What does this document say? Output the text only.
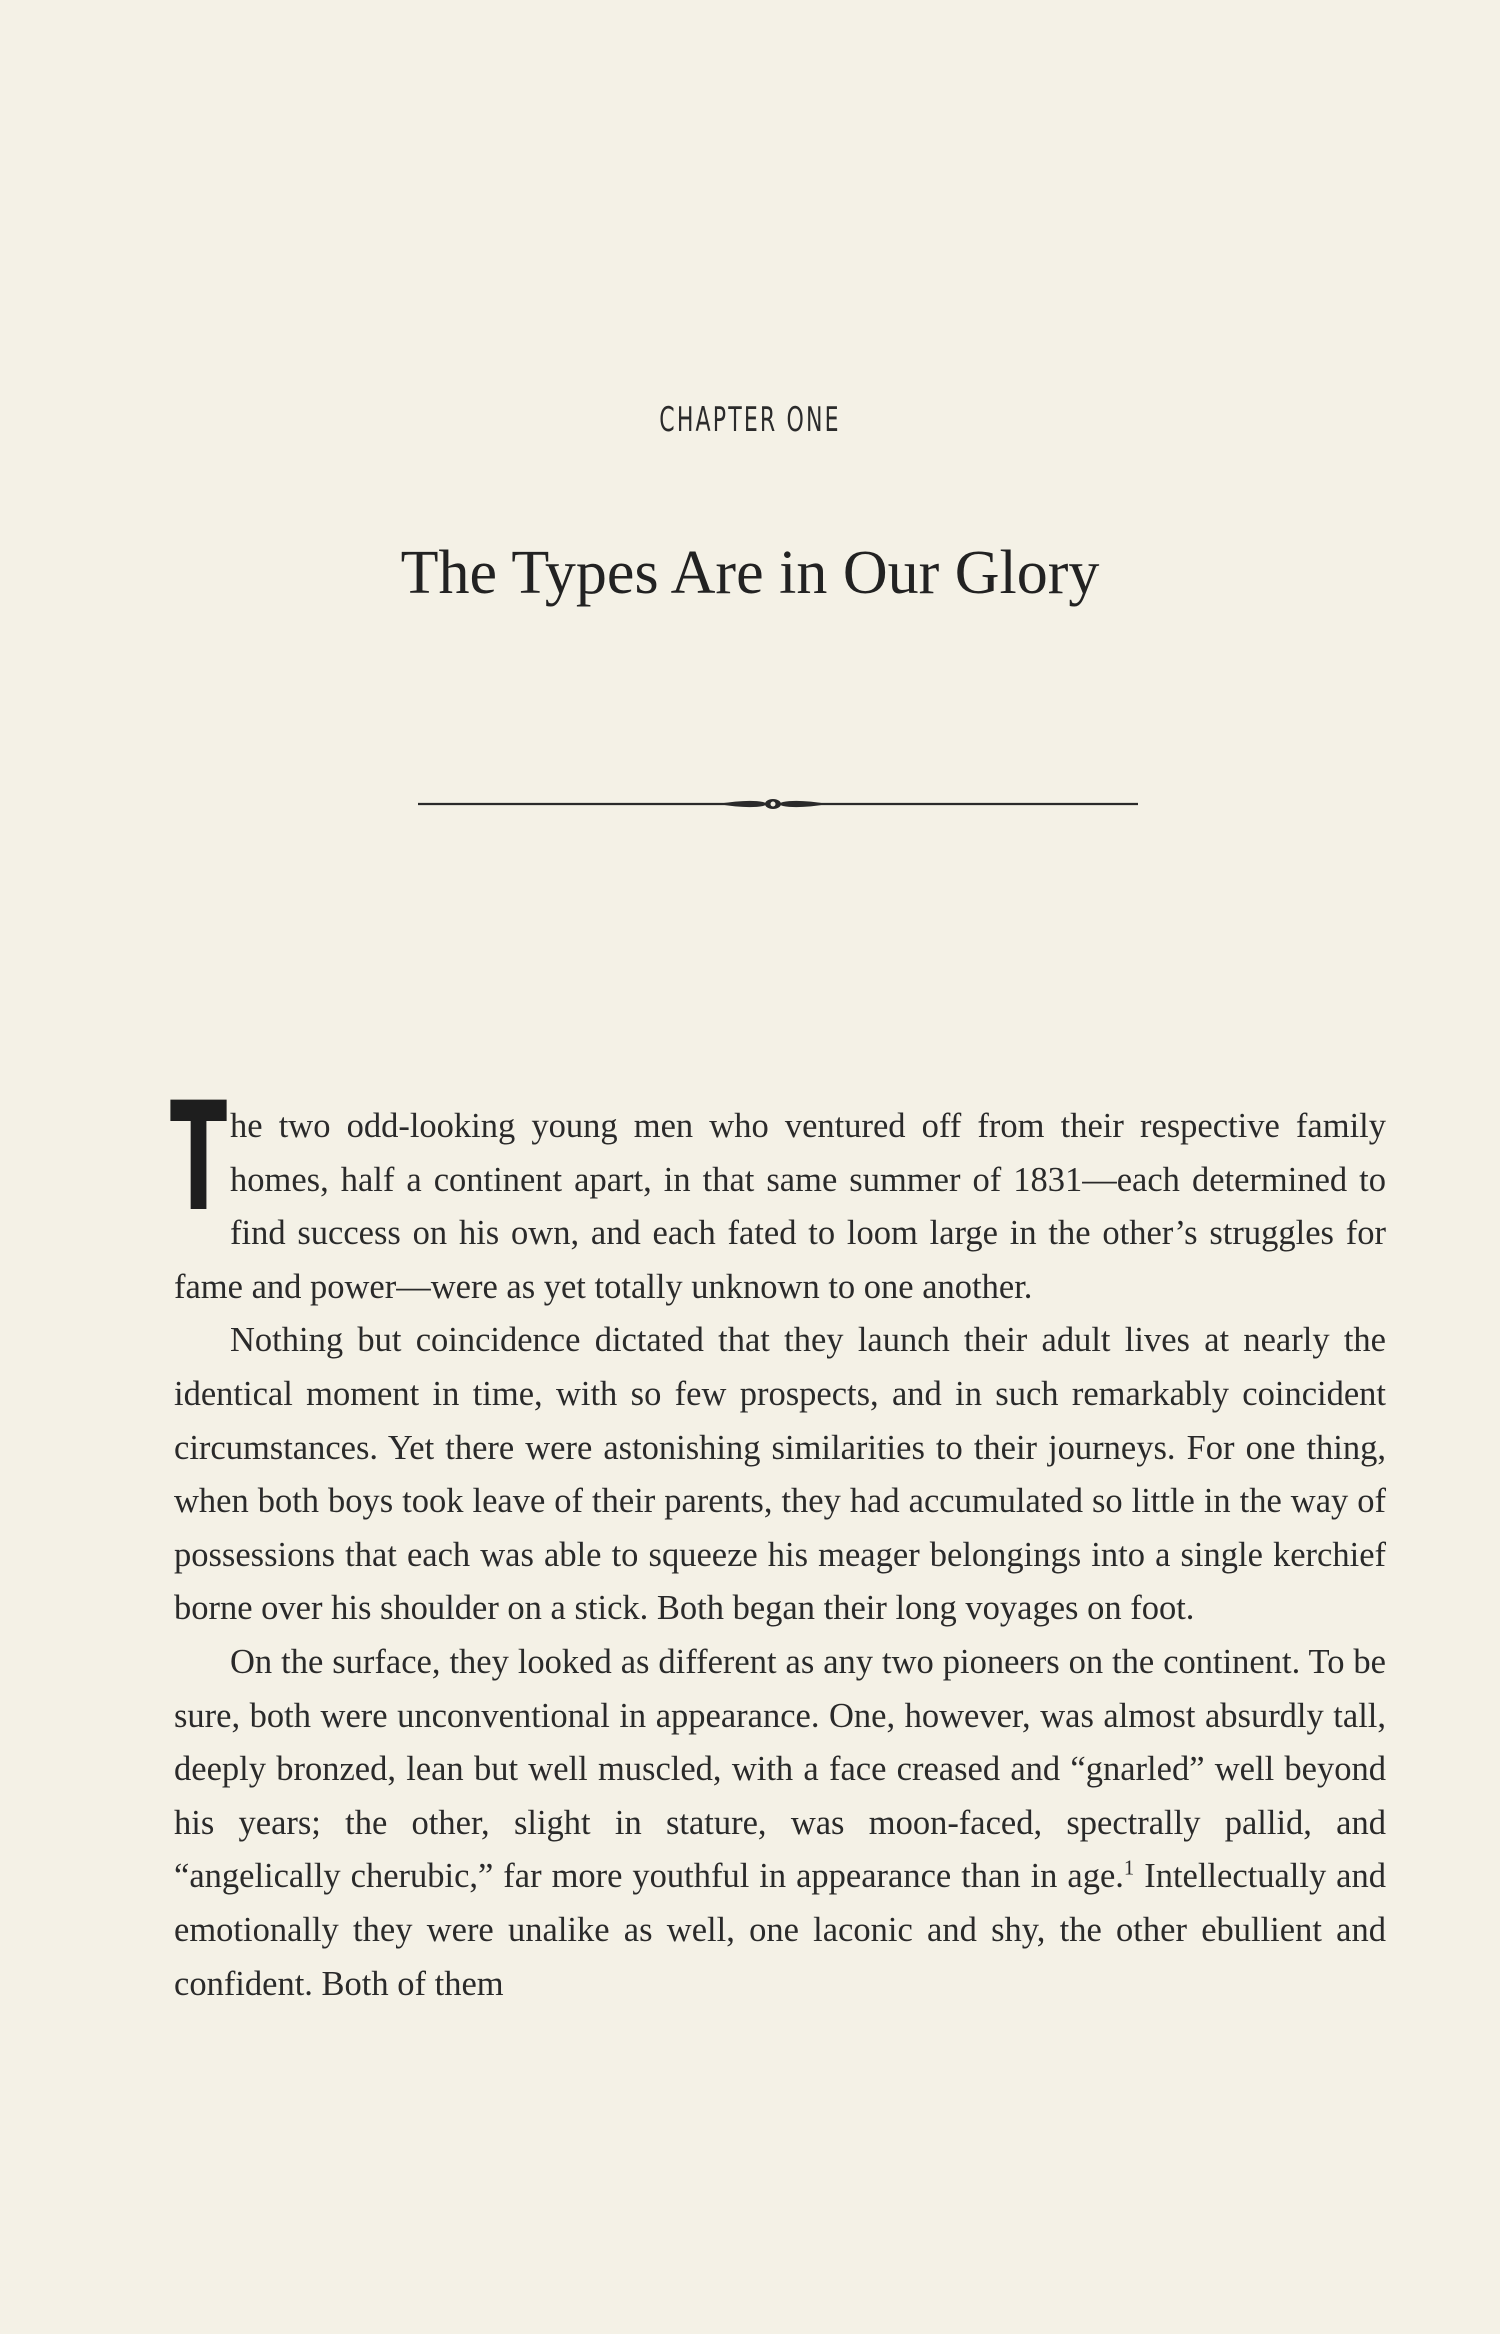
CHAPTER ONE
The Types Are in Our Glory

The two odd-looking young men who ventured off from their respective family homes, half a continent apart, in that same summer of 1831—each determined to find success on his own, and each fated to loom large in the other’s struggles for fame and power—were as yet totally unknown to one another.

Nothing but coincidence dictated that they launch their adult lives at nearly the identical moment in time, with so few prospects, and in such remarkably coincident circumstances. Yet there were astonishing similarities to their journeys. For one thing, when both boys took leave of their parents, they had accumulated so little in the way of possessions that each was able to squeeze his meager belongings into a single kerchief borne over his shoulder on a stick. Both began their long voyages on foot.

On the surface, they looked as different as any two pioneers on the continent. To be sure, both were unconventional in appearance. One, however, was almost absurdly tall, deeply bronzed, lean but well muscled, with a face creased and “gnarled” well beyond his years; the other, slight in stature, was moon-faced, spectrally pallid, and “angelically cherubic,” far more youthful in appearance than in age.$^1$ Intellectually and emotionally they were unalike as well, one laconic and shy, the other ebullient and confident. Both of them
